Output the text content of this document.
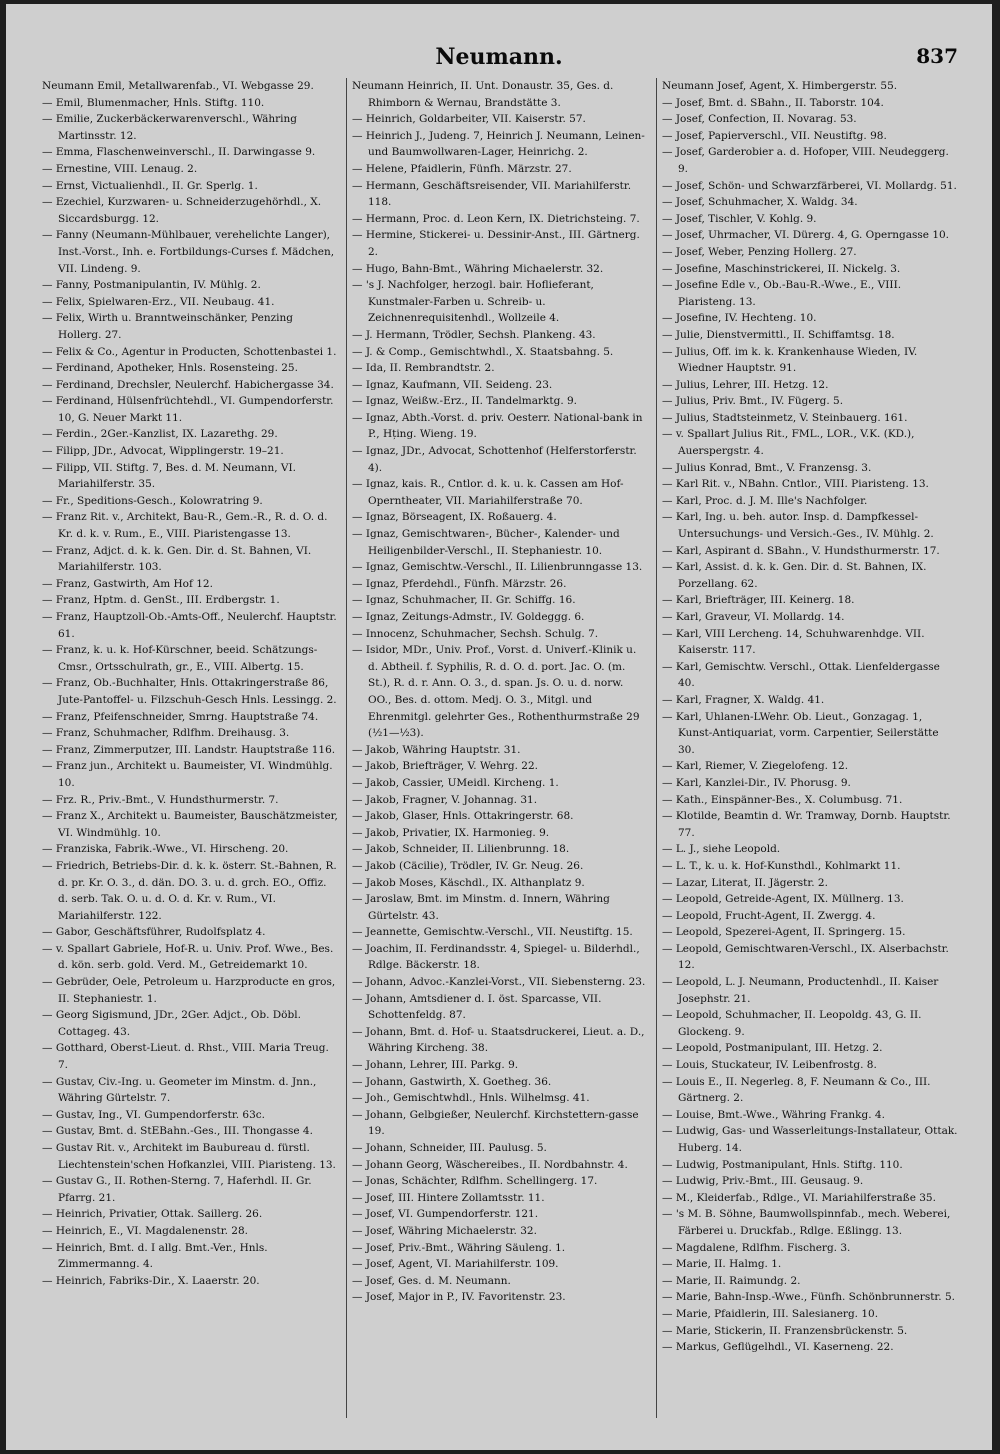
Neumann.	837
Neumann Emil, Metallwarenfab., VI. Webgasse 29.
— Emil, Blumenmacher, Hnls. Stiftg. 110.
— Emilie, Zuckerbäckerwarenverschl., Währing Martinsstr. 12.
— Emma, Flaschenweinverschl., II. Darwingasse 9.
— Ernestine, VIII. Lenaug. 2.
— Ernst, Victualienhdl., II. Gr. Sperlg. 1.
— Ezechiel, Kurzwaren- u. Schneiderzugehörhdl., X. Siccardsburgg. 12.
— Fanny (Neumann-Mühlbauer, verehelichte Langer), Inst.-Vorst., Inh. e. Fortbildungs-Curses f. Mädchen, VII. Lindeng. 9.
— Fanny, Postmanipulantin, IV. Mühlg. 2.
— Felix, Spielwaren-Erz., VII. Neubaug. 41.
— Felix, Wirth u. Branntweinschänker, Penzing Hollerg. 27.
— Felix & Co., Agentur in Producten, Schottenbastei 1.
— Ferdinand, Apotheker, Hnls. Rosensteing. 25.
— Ferdinand, Drechsler, Neulerchf. Habichergasse 34.
— Ferdinand, Hülsenfrüchtehdl., VI. Gumpendorferstr. 10, G. Neuer Markt 11.
— Ferdin., 2Ger.-Kanzlist, IX. Lazarethg. 29.
— Filipp, JDr., Advocat, Wipplingerstr. 19–21.
— Filipp, VII. Stiftg. 7, Bes. d. M. Neumann, VI. Mariahilferstr. 35.
— Fr., Speditions-Gesch., Kolowratring 9.
— Franz Rit. v., Architekt, Bau-R., Gem.-R., R. d. O. d. Kr. d. k. v. Rum., E., VIII. Piaristengasse 13.
— Franz, Adjct. d. k. k. Gen. Dir. d. St. Bahnen, VI. Mariahilferstr. 103.
— Franz, Gastwirth, Am Hof 12.
— Franz, Hptm. d. GenSt., III. Erdbergstr. 1.
— Franz, Hauptzoll-Ob.-Amts-Off., Neulerchf. Hauptstr. 61.
— Franz, k. u. k. Hof-Kürschner, beeid. Schätzungs-Cmsr., Ortsschulrath, gr., E., VIII. Albertg. 15.
— Franz, Ob.-Buchhalter, Hnls. Ottakringerstraße 86, Jute-Pantoffel- u. Filzschuh-Gesch Hnls. Lessingg. 2.
— Franz, Pfeifenschneider, Smrng. Hauptstraße 74.
— Franz, Schuhmacher, Rdlfhm. Dreihausg. 3.
— Franz, Zimmerputzer, III. Landstr. Hauptstraße 116.
— Franz jun., Architekt u. Baumeister, VI. Windmühlg. 10.
— Frz. R., Priv.-Bmt., V. Hundsthurmerstr. 7.
— Franz X., Architekt u. Baumeister, Bauschätzmeister, VI. Windmühlg. 10.
— Franziska, Fabrik.-Wwe., VI. Hirscheng. 20.
— Friedrich, Betriebs-Dir. d. k. k. österr. St.-Bahnen, R. d. pr. Kr. O. 3., d. dän. DO. 3. u. d. grch. EO., Offiz. d. serb. Tak. O. u. d. O. d. Kr. v. Rum., VI. Mariahilferstr. 122.
— Gabor, Geschäftsführer, Rudolfsplatz 4.
— v. Spallart Gabriele, Hof-R. u. Univ. Prof. Wwe., Bes. d. kön. serb. gold. Verd. M., Getreidemarkt 10.
— Gebrüder, Oele, Petroleum u. Harzproducte en gros, II. Stephaniestr. 1.
— Georg Sigismund, JDr., 2Ger. Adjct., Ob. Döbl. Cottageg. 43.
— Gotthard, Oberst-Lieut. d. Rhst., VIII. Maria Treug. 7.
— Gustav, Civ.-Ing. u. Geometer im Minstm. d. Jnn., Währing Gürtelstr. 7.
— Gustav, Ing., VI. Gumpendorferstr. 63c.
— Gustav, Bmt. d. StEBahn.-Ges., III. Thongasse 4.
— Gustav Rit. v., Architekt im Baubureau d. fürstl. Liechtenstein'schen Hofkanzlei, VIII. Piaristeng. 13.
— Gustav G., II. Rothen-Sterng. 7, Haferhdl. II. Gr. Pfarrg. 21.
— Heinrich, Privatier, Ottak. Saillerg. 26.
— Heinrich, E., VI. Magdalenenstr. 28.
— Heinrich, Bmt. d. I allg. Bmt.-Ver., Hnls. Zimmermanng. 4.
— Heinrich, Fabriks-Dir., X. Laaerstr. 20.
Neumann Heinrich, II. Unt. Donaustr. 35, Ges. d. Rhimborn & Wernau, Brandstätte 3.
— Heinrich, Goldarbeiter, VII. Kaiserstr. 57.
— Heinrich J., Judeng. 7, Heinrich J. Neumann, Leinen- und Baumwollwaren-Lager, Heinrichg. 2.
— Helene, Pfaidlerin, Fünfh. Märzstr. 27.
— Hermann, Geschäftsreisender, VII. Mariahilferstr. 118.
— Hermann, Proc. d. Leon Kern, IX. Dietrichsteing. 7.
— Hermine, Stickerei- u. Dessinir-Anst., III. Gärtnerg. 2.
— Hugo, Bahn-Bmt., Währing Michaelerstr. 32.
— 's J. Nachfolger, herzogl. bair. Hoflieferant, Kunstmaler-Farben u. Schreib- u. Zeichnenrequisitenhdl., Wollzeile 4.
— J. Hermann, Trödler, Sechsh. Plankeng. 43.
— J. & Comp., Gemischtwhdl., X. Staatsbahng. 5.
— Ida, II. Rembrandtstr. 2.
— Ignaz, Kaufmann, VII. Seideng. 23.
— Ignaz, Weißw.-Erz., II. Tandelmarktg. 9.
— Ignaz, Abth.-Vorst. d. priv. Oesterr. National-bank in P., Hțing. Wieng. 19.
— Ignaz, JDr., Advocat, Schottenhof (Helferstorferstr. 4).
— Ignaz, kais. R., Cntlor. d. k. u. k. Cassen am Hof-Operntheater, VII. Mariahilferstraße 70.
— Ignaz, Börseagent, IX. Roßauerg. 4.
— Ignaz, Gemischtwaren-, Bücher-, Kalender- und Heiligenbilder-Verschl., II. Stephaniestr. 10.
— Ignaz, Gemischtw.-Verschl., II. Lilienbrunngasse 13.
— Ignaz, Pferdehdl., Fünfh. Märzstr. 26.
— Ignaz, Schuhmacher, II. Gr. Schiffg. 16.
— Ignaz, Zeitungs-Admstr., IV. Goldeggg. 6.
— Innocenz, Schuhmacher, Sechsh. Schulg. 7.
— Isidor, MDr., Univ. Prof., Vorst. d. Univerf.-Klinik u. d. Abtheil. f. Syphilis, R. d. O. d. port. Jac. O. (m. St.), R. d. r. Ann. O. 3., d. span. Js. O. u. d. norw. OO., Bes. d. ottom. Medj. O. 3., Mitgl. und Ehrenmitgl. gelehrter Ges., Rothenthurmstraße 29 (½1—½3).
— Jakob, Währing Hauptstr. 31.
— Jakob, Briefträger, V. Wehrg. 22.
— Jakob, Cassier, UMeidl. Kircheng. 1.
— Jakob, Fragner, V. Johannag. 31.
— Jakob, Glaser, Hnls. Ottakringerstr. 68.
— Jakob, Privatier, IX. Harmonieg. 9.
— Jakob, Schneider, II. Lilienbrunng. 18.
— Jakob (Cäcilie), Trödler, IV. Gr. Neug. 26.
— Jakob Moses, Käschdl., IX. Althanplatz 9.
— Jaroslaw, Bmt. im Minstm. d. Innern, Währing Gürtelstr. 43.
— Jeannette, Gemischtw.-Verschl., VII. Neustiftg. 15.
— Joachim, II. Ferdinandsstr. 4, Spiegel- u. Bilderhdl., Rdlge. Bäckerstr. 18.
— Johann, Advoc.-Kanzlei-Vorst., VII. Siebensterng. 23.
— Johann, Amtsdiener d. I. öst. Sparcasse, VII. Schottenfeldg. 87.
— Johann, Bmt. d. Hof- u. Staatsdruckerei, Lieut. a. D., Währing Kircheng. 38.
— Johann, Lehrer, III. Parkg. 9.
— Johann, Gastwirth, X. Goetheg. 36.
— Joh., Gemischtwhdl., Hnls. Wilhelmsg. 41.
— Johann, Gelbgießer, Neulerchf. Kirchstettern-gasse 19.
— Johann, Schneider, III. Paulusg. 5.
— Johann Georg, Wäschereibes., II. Nordbahnstr. 4.
— Jonas, Schächter, Rdlfhm. Schellingerg. 17.
— Josef, III. Hintere Zollamtsstr. 11.
— Josef, VI. Gumpendorferstr. 121.
— Josef, Währing Michaelerstr. 32.
— Josef, Priv.-Bmt., Währing Säuleng. 1.
— Josef, Agent, VI. Mariahilferstr. 109.
— Josef, Ges. d. M. Neumann.
— Josef, Major in P., IV. Favoritenstr. 23.
Neumann Josef, Agent, X. Himbergerstr. 55.
— Josef, Bmt. d. SBahn., II. Taborstr. 104.
— Josef, Confection, II. Novarag. 53.
— Josef, Papierverschl., VII. Neustiftg. 98.
— Josef, Garderobier a. d. Hofoper, VIII. Neudeggerg. 9.
— Josef, Schön- und Schwarzfärberei, VI. Mollardg. 51.
— Josef, Schuhmacher, X. Waldg. 34.
— Josef, Tischler, V. Kohlg. 9.
— Josef, Uhrmacher, VI. Dürerg. 4, G. Operngasse 10.
— Josef, Weber, Penzing Hollerg. 27.
— Josefine, Maschinstrickerei, II. Nickelg. 3.
— Josefine Edle v., Ob.-Bau-R.-Wwe., E., VIII. Piaristeng. 13.
— Josefine, IV. Hechteng. 10.
— Julie, Dienstvermittl., II. Schiffamtsg. 18.
— Julius, Off. im k. k. Krankenhause Wieden, IV. Wiedner Hauptstr. 91.
— Julius, Lehrer, III. Hetzg. 12.
— Julius, Priv. Bmt., IV. Fügerg. 5.
— Julius, Stadtsteinmetz, V. Steinbauerg. 161.
— v. Spallart Julius Rit., FML., LOR., V.K. (KD.), Auerspergstr. 4.
— Julius Konrad, Bmt., V. Franzensg. 3.
— Karl Rit. v., NBahn. Cntlor., VIII. Piaristeng. 13.
— Karl, Proc. d. J. M. Ille's Nachfolger.
— Karl, Ing. u. beh. autor. Insp. d. Dampfkessel-Untersuchungs- und Versich.-Ges., IV. Mühlg. 2.
— Karl, Aspirant d. SBahn., V. Hundsthurmerstr. 17.
— Karl, Assist. d. k. k. Gen. Dir. d. St. Bahnen, IX. Porzellang. 62.
— Karl, Briefträger, III. Keinerg. 18.
— Karl, Graveur, VI. Mollardg. 14.
— Karl, VIII Lercheng. 14, Schuhwarenhdge. VII. Kaiserstr. 117.
— Karl, Gemischtw. Verschl., Ottak. Lienfeldergasse 40.
— Karl, Fragner, X. Waldg. 41.
— Karl, Uhlanen-LWehr. Ob. Lieut., Gonzagag. 1, Kunst-Antiquariat, vorm. Carpentier, Seilerstätte 30.
— Karl, Riemer, V. Ziegelofeng. 12.
— Karl, Kanzlei-Dir., IV. Phorusg. 9.
— Kath., Einspänner-Bes., X. Columbusg. 71.
— Klotilde, Beamtin d. Wr. Tramway, Dornb. Hauptstr. 77.
— L. J., siehe Leopold.
— L. T., k. u. k. Hof-Kunsthdl., Kohlmarkt 11.
— Lazar, Literat, II. Jägerstr. 2.
— Leopold, Getreide-Agent, IX. Müllnerg. 13.
— Leopold, Frucht-Agent, II. Zwergg. 4.
— Leopold, Spezerei-Agent, II. Springerg. 15.
— Leopold, Gemischtwaren-Verschl., IX. Alserbachstr. 12.
— Leopold, L. J. Neumann, Productenhdl., II. Kaiser Josephstr. 21.
— Leopold, Schuhmacher, II. Leopoldg. 43, G. II. Glockeng. 9.
— Leopold, Postmanipulant, III. Hetzg. 2.
— Louis, Stuckateur, IV. Leibenfrostg. 8.
— Louis E., II. Negerleg. 8, F. Neumann & Co., III. Gärtnerg. 2.
— Louise, Bmt.-Wwe., Währing Frankg. 4.
— Ludwig, Gas- und Wasserleitungs-Installateur, Ottak. Huberg. 14.
— Ludwig, Postmanipulant, Hnls. Stiftg. 110.
— Ludwig, Priv.-Bmt., III. Geusaug. 9.
— M., Kleiderfab., Rdlge., VI. Mariahilferstraße 35.
— 's M. B. Söhne, Baumwollspinnfab., mech. Weberei, Färberei u. Druckfab., Rdlge. Eßlingg. 13.
— Magdalene, Rdlfhm. Fischerg. 3.
— Marie, II. Halmg. 1.
— Marie, II. Raimundg. 2.
— Marie, Bahn-Insp.-Wwe., Fünfh. Schönbrunnerstr. 5.
— Marie, Pfaidlerin, III. Salesianerg. 10.
— Marie, Stickerin, II. Franzensbrückenstr. 5.
— Markus, Geflügelhdl., VI. Kaserneng. 22.
